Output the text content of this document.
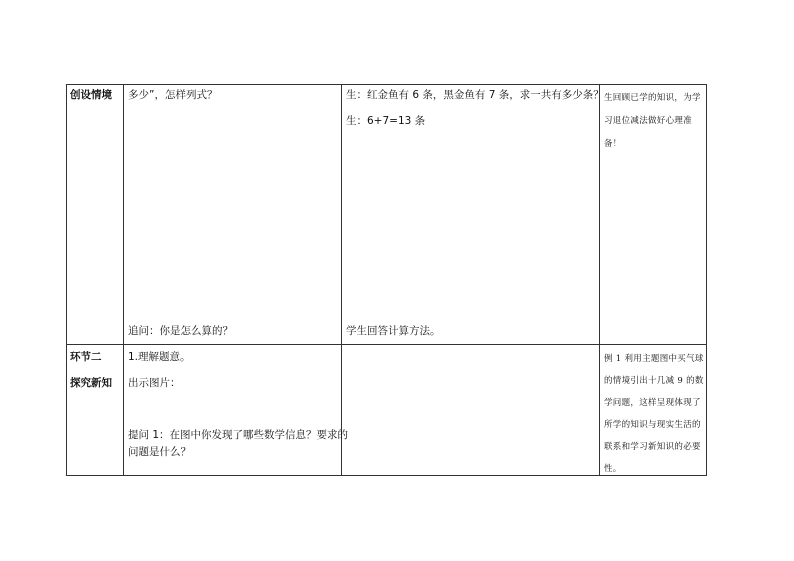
创设情境 多少”，怎样列式？
追问：你是怎么算的？
生：红金鱼有 6 条，黑金鱼有 7 条，求一共有多少条？
生：6+7=13 条
学生回答计算方法。
生回顾已学的知识，为学习退位减法做好心理准备！
环节二
探究新知
1.理解题意。
出示图片：
提问 1：在图中你发现了哪些数学信息？要求的
问题是什么？
例 1 利用主题图中买气球的情境引出十几减 9 的数学问题，这样呈现体现了所学的知识与现实生活的联系和学习新知识的必要性。
